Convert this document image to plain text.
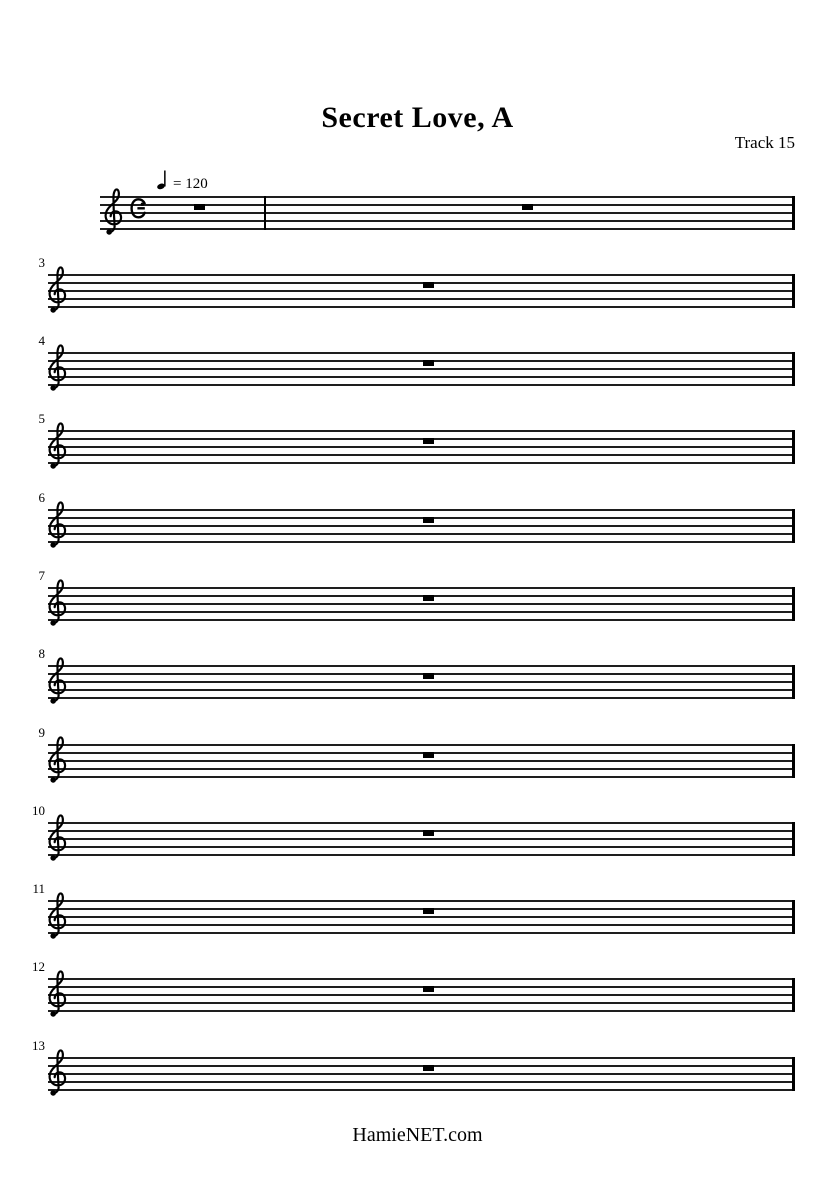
Secret Love, A
Track 15
= 120
HamieNET.com
3
4
5
6
7
8
9
10
11
12
13
